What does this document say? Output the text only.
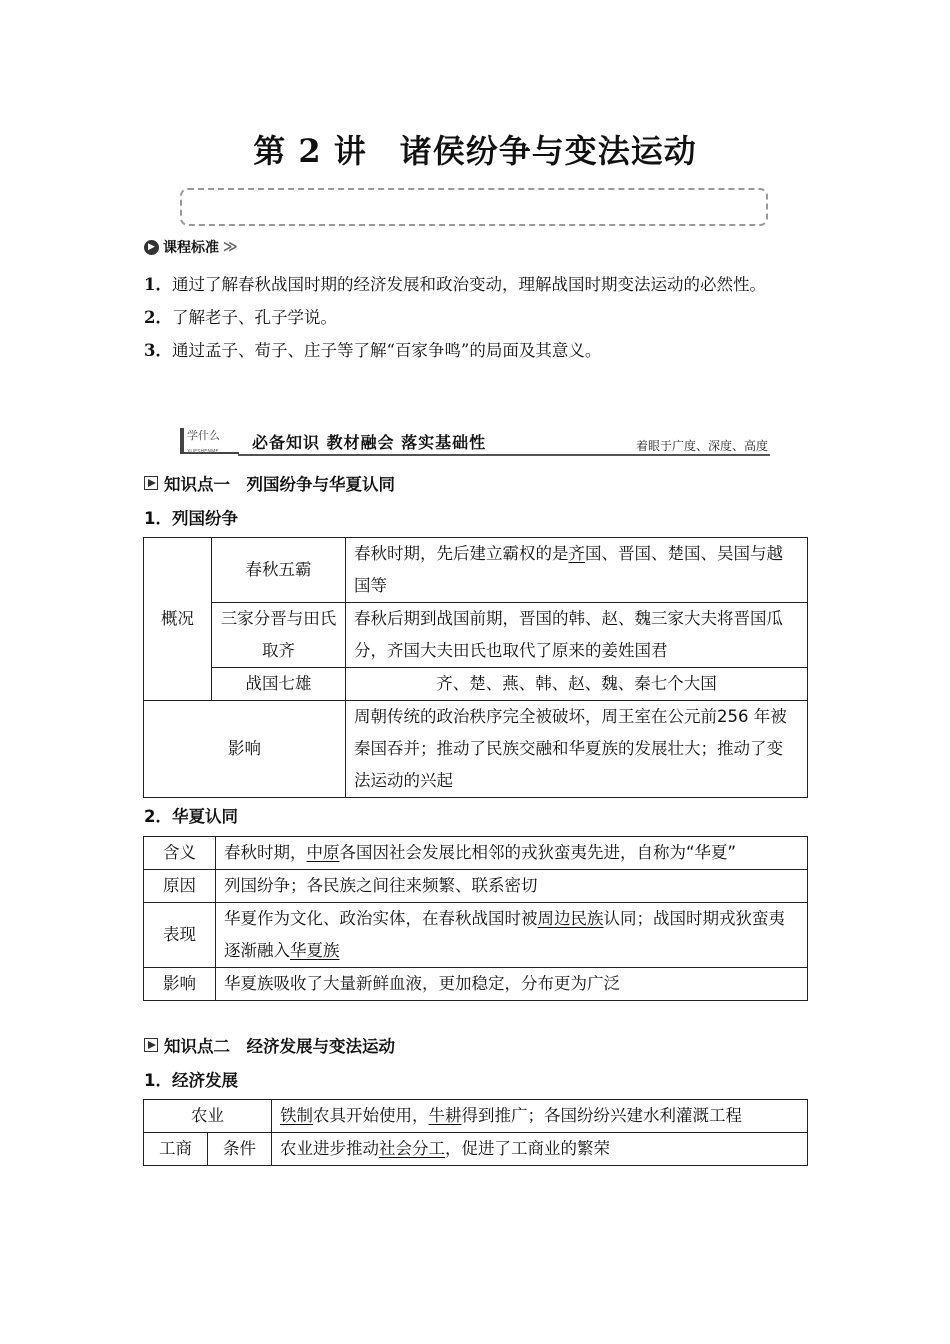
第 2 讲　诸侯纷争与变法运动
▶ 课程标准 ≫
1．通过了解春秋战国时期的经济发展和政治变动，理解战国时期变法运动的必然性。
2．了解老子、孔子学说。
3．通过孟子、荀子、庄子等了解“百家争鸣”的局面及其意义。
学什么
XUESHENME 必备知识 教材融会 落实基础性	着眼于广度、深度、高度
知识点一　列国纷争与华夏认同
1．列国纷争
概况	春秋五霸	春秋时期，先后建立霸权的是齐国、晋国、楚国、吴国与越国等
	三家分晋与田氏取齐	春秋后期到战国前期，晋国的韩、赵、魏三家大夫将晋国瓜分，齐国大夫田氏也取代了原来的姜姓国君
	战国七雄	齐、楚、燕、韩、赵、魏、秦七个大国
影响		周朝传统的政治秩序完全被破坏，周王室在公元前256 年被秦国吞并；推动了民族交融和华夏族的发展壮大；推动了变法运动的兴起
2．华夏认同
含义	春秋时期，中原各国因社会发展比相邻的戎狄蛮夷先进，自称为“华夏”
原因	列国纷争；各民族之间往来频繁、联系密切
表现	华夏作为文化、政治实体，在春秋战国时被周边民族认同；战国时期戎狄蛮夷逐渐融入华夏族
影响	华夏族吸收了大量新鲜血液，更加稳定，分布更为广泛
知识点二　经济发展与变法运动
1．经济发展
农业		铁制农具开始使用，牛耕得到推广；各国纷纷兴建水利灌溉工程
工商	条件	农业进步推动社会分工，促进了工商业的繁荣
